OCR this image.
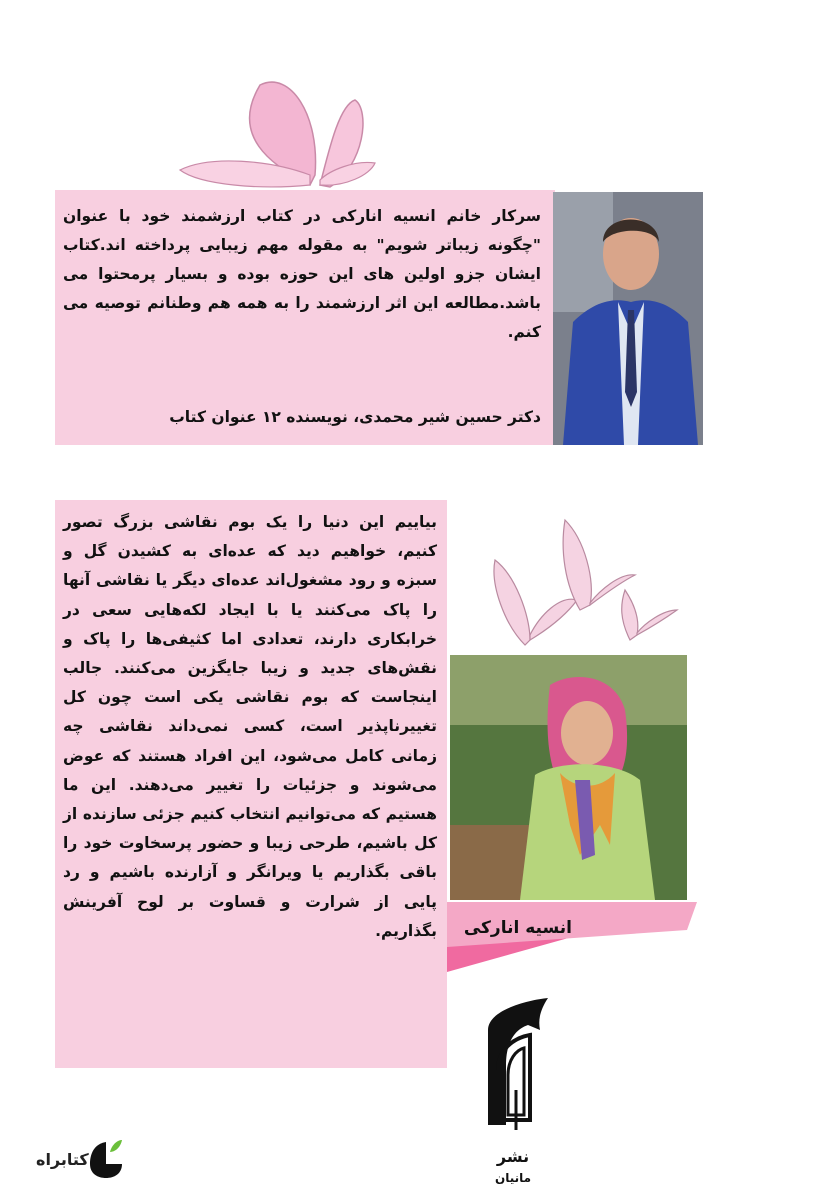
سرکار خانم انسیه انارکی در کتاب ارزشمند خود با عنوان "چگونه زیباتر شویم" به مقوله مهم زیبایی پرداخته اند.کتاب ایشان جزو اولین های این حوزه بوده و بسیار پرمحتوا می باشد.مطالعه این اثر ارزشمند را به همه هم وطنانم توصیه می کنم.
دکتر حسین شیر محمدی، نویسنده ۱۲ عنوان کتاب
بیاییم این دنیا را یک بوم نقاشی بزرگ تصور کنیم، خواهیم دید که عده‌ای به کشیدن گل و سبزه و رود مشغول‌اند عده‌ای دیگر یا نقاشی آنها را پاک می‌کنند یا با ایجاد لکه‌هایی سعی در خرابکاری دارند، تعدادی اما کثیفی‌ها را پاک و نقش‌های جدید و زیبا جایگزین می‌کنند. جالب اینجاست که بوم نقاشی یکی است چون کل تغییرناپذیر است، کسی نمی‌داند نقاشی چه زمانی کامل می‌شود، این افراد هستند که عوض می‌شوند و جزئیات را تغییر می‌دهند. این ما هستیم که می‌توانیم انتخاب کنیم جزئی سازنده از کل باشیم، طرحی زیبا و حضور پرسخاوت خود را باقی بگذاریم یا ویرانگر و آزارنده باشیم و رد پایی از شرارت و قساوت بر لوح آفرینش بگذاریم. انسیه انارکی
نشر
مانیان
کتابراه
